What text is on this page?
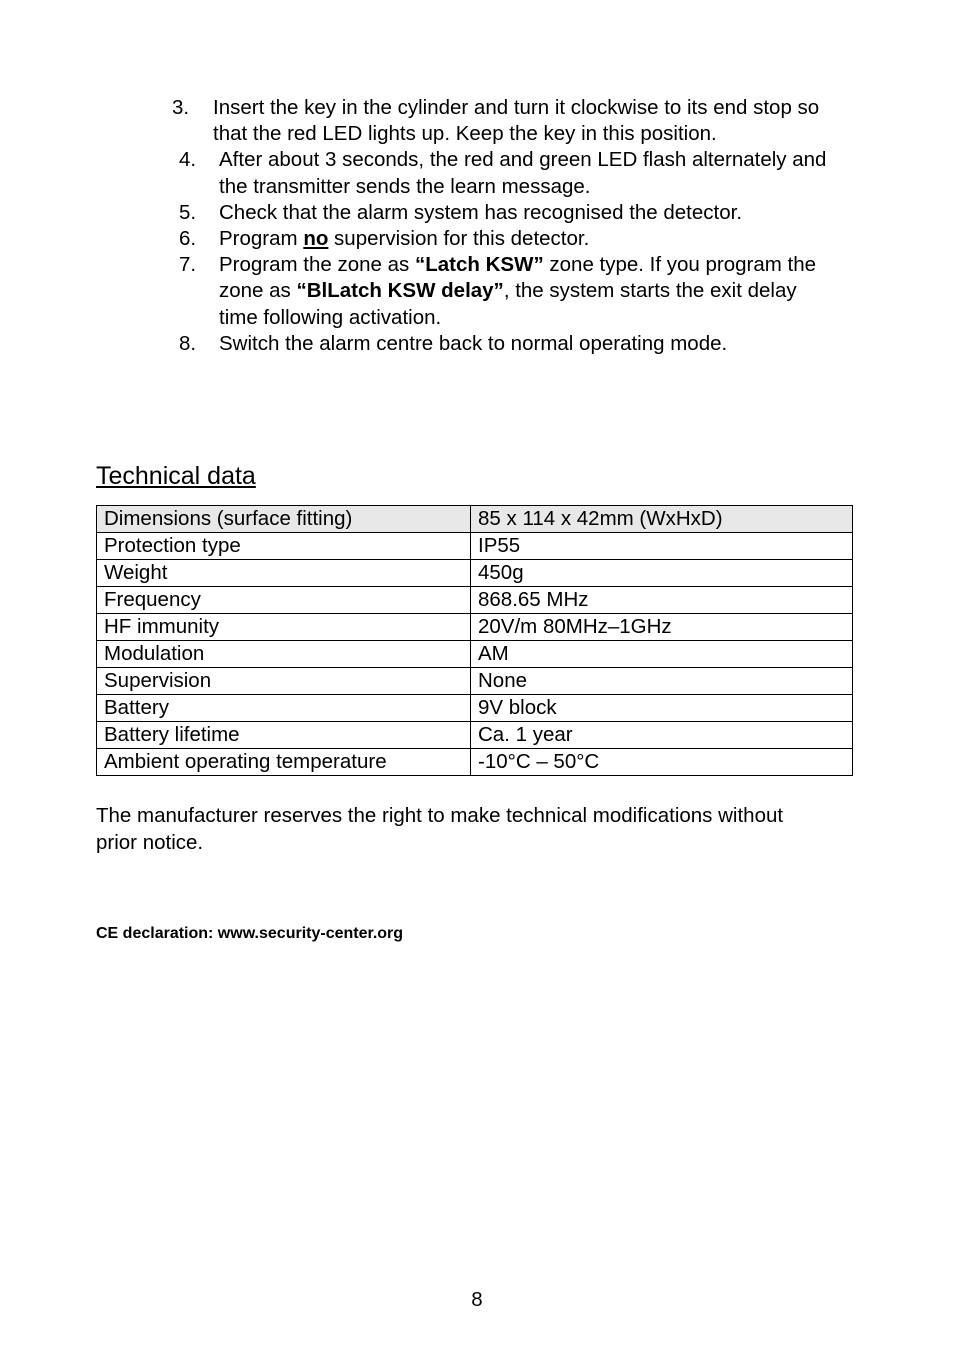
3.	Insert the key in the cylinder and turn it clockwise to its end stop so that the red LED lights up. Keep the key in this position.
4.	After about 3 seconds, the red and green LED flash alternately and the transmitter sends the learn message.
5.	Check that the alarm system has recognised the detector.
6.	Program no supervision for this detector.
7.	Program the zone as “Latch KSW” zone type. If you program the zone as “BlLatch KSW delay”, the system starts the exit delay time following activation.
8.	Switch the alarm centre back to normal operating mode.
Technical data
Dimensions (surface fitting)	85 x 114 x 42mm (WxHxD)
Protection type	IP55
Weight	450g
Frequency	868.65 MHz
HF immunity	20V/m 80MHz–1GHz
Modulation	AM
Supervision	None
Battery	9V block
Battery lifetime	Ca. 1 year
Ambient operating temperature	-10°C – 50°C

The manufacturer reserves the right to make technical modifications without prior notice.

CE declaration: www.security-center.org

8
